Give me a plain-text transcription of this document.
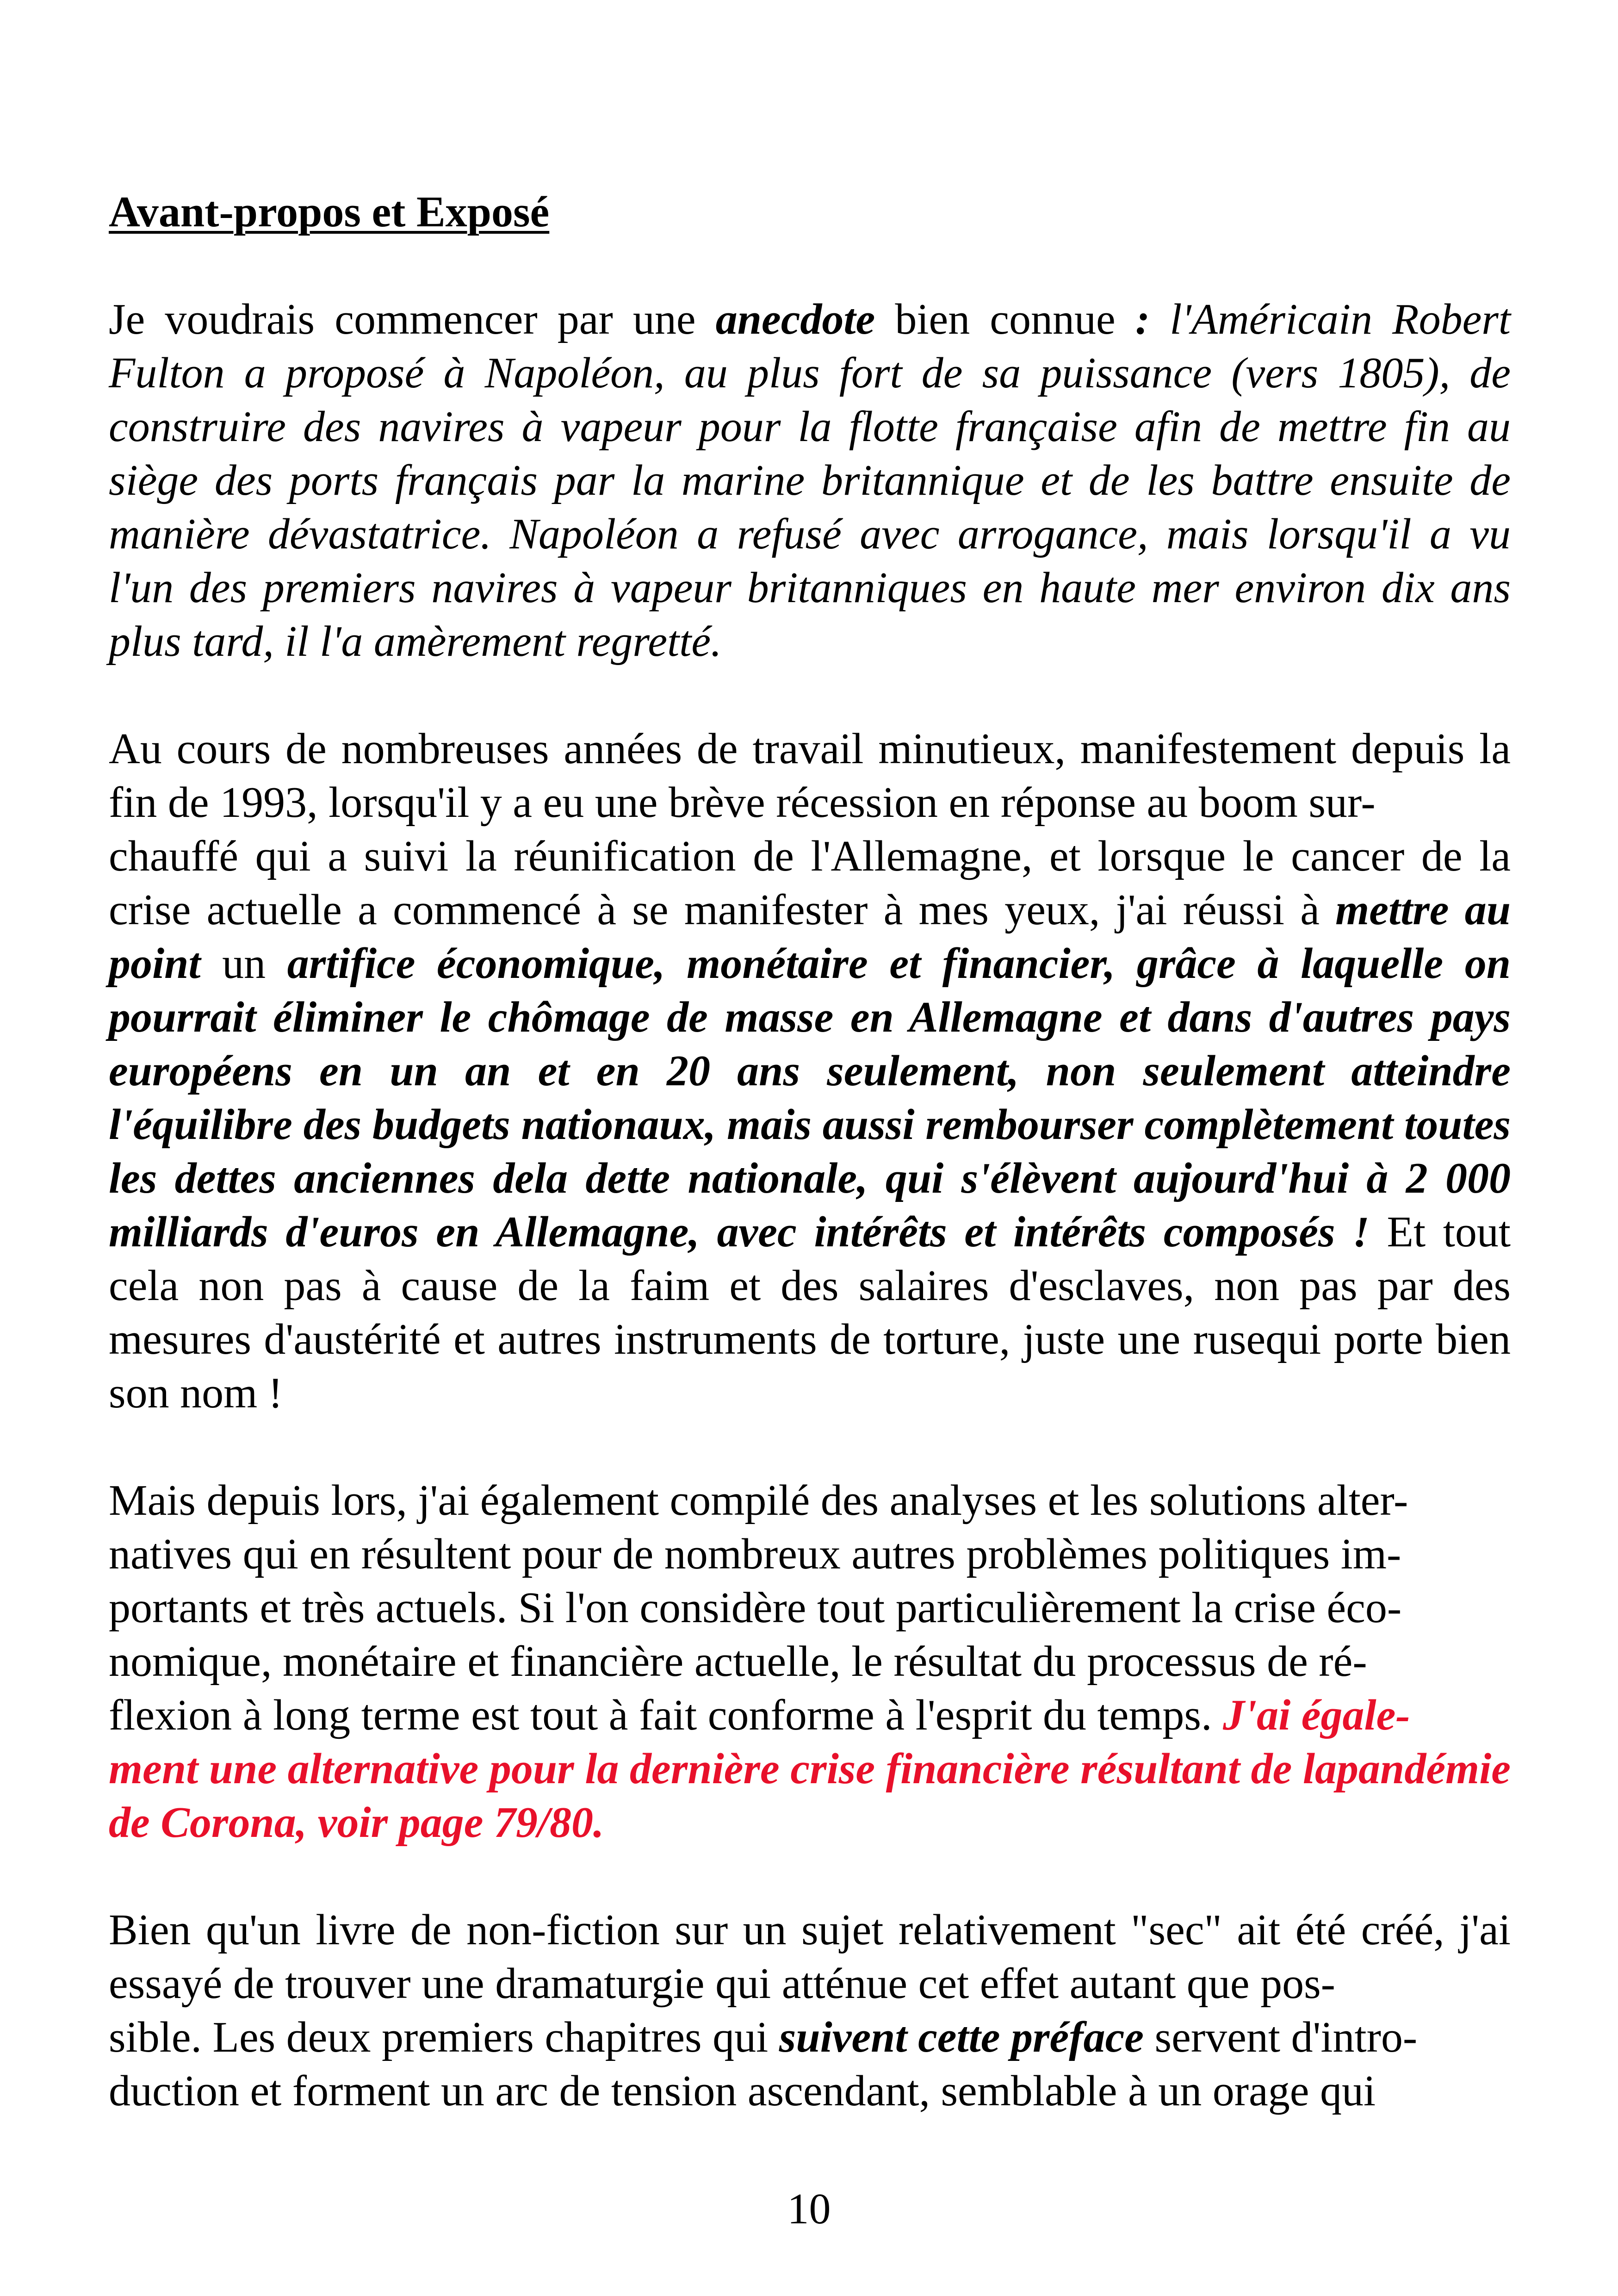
Avant-propos et Exposé

Je voudrais commencer par une anecdote bien connue : l'Américain Robert Fulton a proposé à Napoléon, au plus fort de sa puissance (vers 1805), de construire des navires à vapeur pour la flotte française afin de mettre fin au siège des ports français par la marine britannique et de les battre ensuite de manière dévastatrice. Napoléon a refusé avec arrogance, mais lorsqu'il a vu l'un des premiers navires à vapeur britanniques en haute mer environ dix ans plus tard, il l'a amèrement regretté.

Au cours de nombreuses années de travail minutieux, manifestement depuis la fin de 1993, lorsqu'il y a eu une brève récession en réponse au boom sur-
chauffé qui a suivi la réunification de l'Allemagne, et lorsque le cancer de la crise actuelle a commencé à se manifester à mes yeux, j'ai réussi à mettre au point un artifice économique, monétaire et financier, grâce à laquelle on pourrait éliminer le chômage de masse en Allemagne et dans d'autres pays européens en un an et en 20 ans seulement, non seulement atteindre l'équilibre des budgets nationaux, mais aussi rembourser complètement toutes les dettes anciennes dela dette nationale, qui s'élèvent aujourd'hui à 2 000 milliards d'euros en Allemagne, avec intérêts et intérêts composés ! Et tout cela non pas à cause de la faim et des salaires d'esclaves, non pas par des mesures d'austérité et autres instruments de torture, juste une rusequi porte bien son nom !

Mais depuis lors, j'ai également compilé des analyses et les solutions alter-
natives qui en résultent pour de nombreux autres problèmes politiques im-
portants et très actuels. Si l'on considère tout particulièrement la crise éco-
nomique, monétaire et financière actuelle, le résultat du processus de ré-
flexion à long terme est tout à fait conforme à l'esprit du temps. J'ai égale-
ment une alternative pour la dernière crise financière résultant de lapandémie de Corona, voir page 79/80.

Bien qu'un livre de non-fiction sur un sujet relativement "sec" ait été créé, j'ai essayé de trouver une dramaturgie qui atténue cet effet autant que pos-
sible. Les deux premiers chapitres qui suivent cette préface servent d'intro-
duction et forment un arc de tension ascendant, semblable à un orage qui

10
